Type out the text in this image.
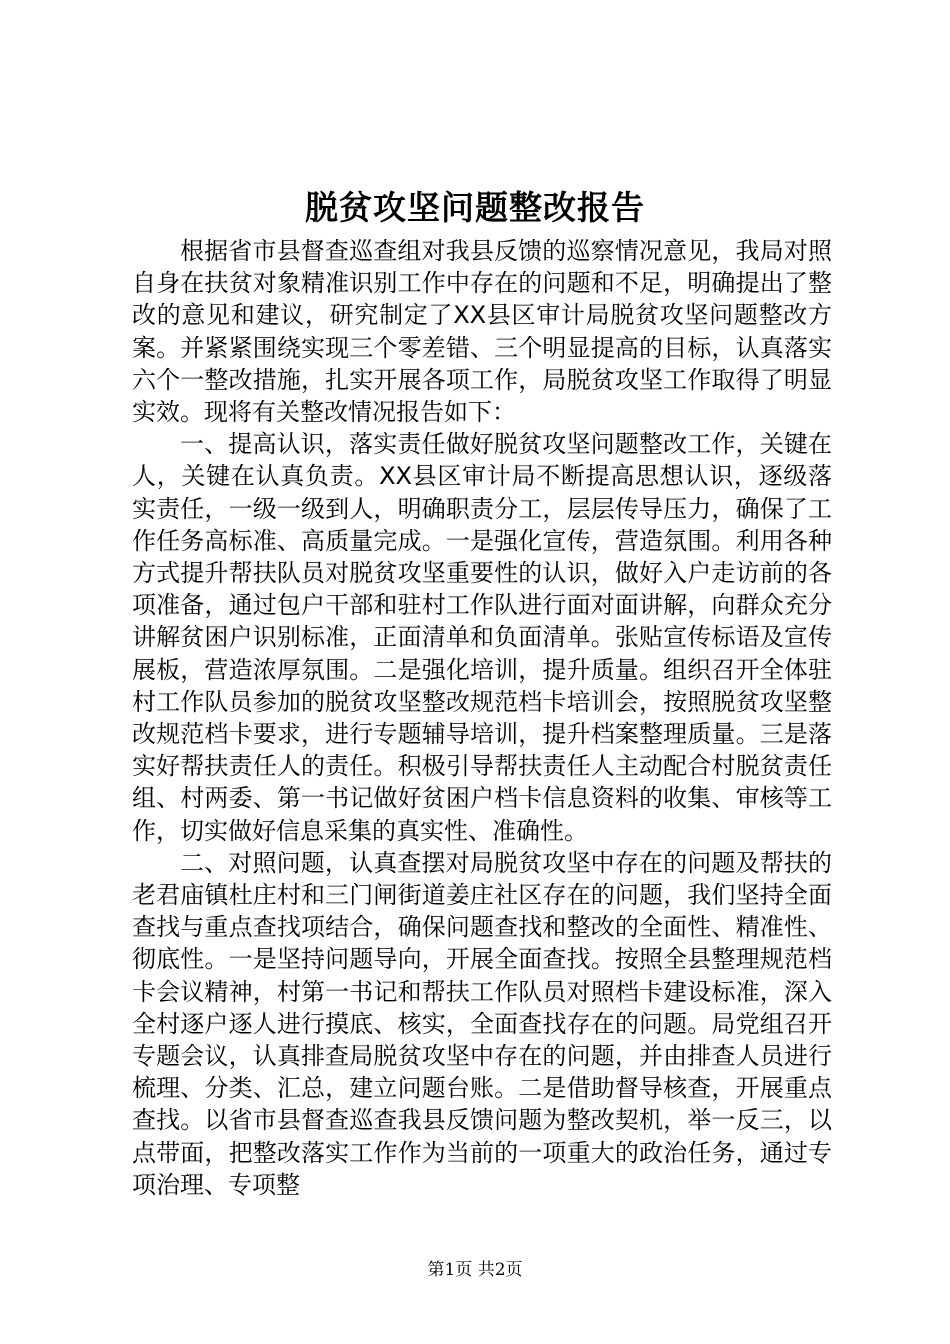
脱贫攻坚问题整改报告

根据省市县督查巡查组对我县反馈的巡察情况意见，我局对照自身在扶贫对象精准识别工作中存在的问题和不足，明确提出了整改的意见和建议，研究制定了XX县区审计局脱贫攻坚问题整改方案。并紧紧围绕实现三个零差错、三个明显提高的目标，认真落实六个一整改措施，扎实开展各项工作，局脱贫攻坚工作取得了明显实效。现将有关整改情况报告如下：

一、提高认识，落实责任做好脱贫攻坚问题整改工作，关键在人，关键在认真负责。XX县区审计局不断提高思想认识，逐级落实责任，一级一级到人，明确职责分工，层层传导压力，确保了工作任务高标准、高质量完成。一是强化宣传，营造氛围。利用各种方式提升帮扶队员对脱贫攻坚重要性的认识，做好入户走访前的各项准备，通过包户干部和驻村工作队进行面对面讲解，向群众充分讲解贫困户识别标准，正面清单和负面清单。张贴宣传标语及宣传展板，营造浓厚氛围。二是强化培训，提升质量。组织召开全体驻村工作队员参加的脱贫攻坚整改规范档卡培训会，按照脱贫攻坚整改规范档卡要求，进行专题辅导培训，提升档案整理质量。三是落实好帮扶责任人的责任。积极引导帮扶责任人主动配合村脱贫责任组、村两委、第一书记做好贫困户档卡信息资料的收集、审核等工作，切实做好信息采集的真实性、准确性。

二、对照问题，认真查摆对局脱贫攻坚中存在的问题及帮扶的老君庙镇杜庄村和三门闸街道姜庄社区存在的问题，我们坚持全面查找与重点查找项结合，确保问题查找和整改的全面性、精准性、彻底性。一是坚持问题导向，开展全面查找。按照全县整理规范档卡会议精神，村第一书记和帮扶工作队员对照档卡建设标准，深入全村逐户逐人进行摸底、核实，全面查找存在的问题。局党组召开专题会议，认真排查局脱贫攻坚中存在的问题，并由排查人员进行梳理、分类、汇总，建立问题台账。二是借助督导核查，开展重点查找。以省市县督查巡查我县反馈问题为整改契机，举一反三，以点带面，把整改落实工作作为当前的一项重大的政治任务，通过专项治理、专项整

第1页 共2页
